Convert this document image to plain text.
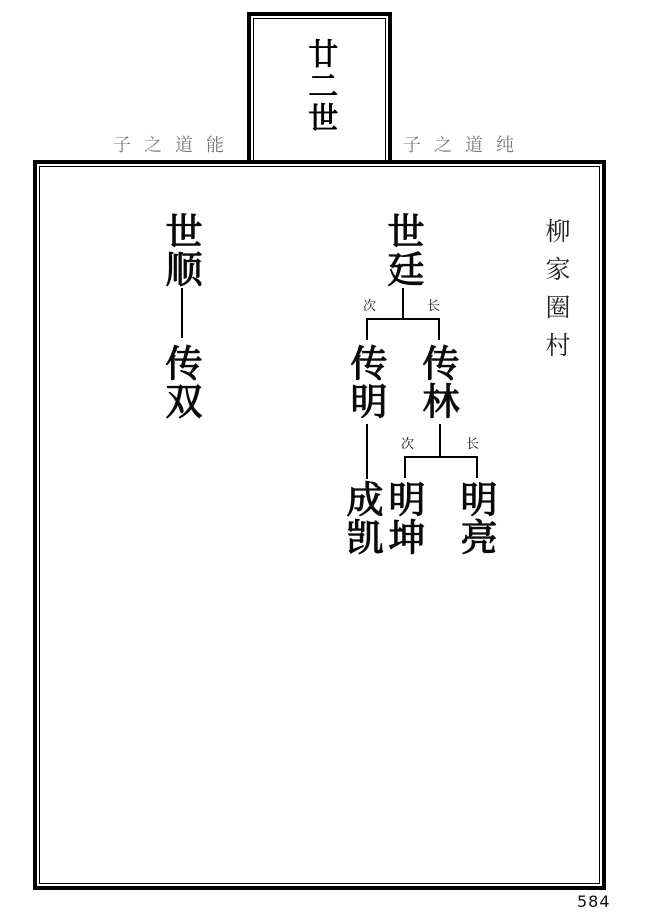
廿二世
子之道能	子之道纯
世顺
传双
世廷
次	长
传明 传林
成凯
次	长
明坤 明亮
柳家圈村
584
